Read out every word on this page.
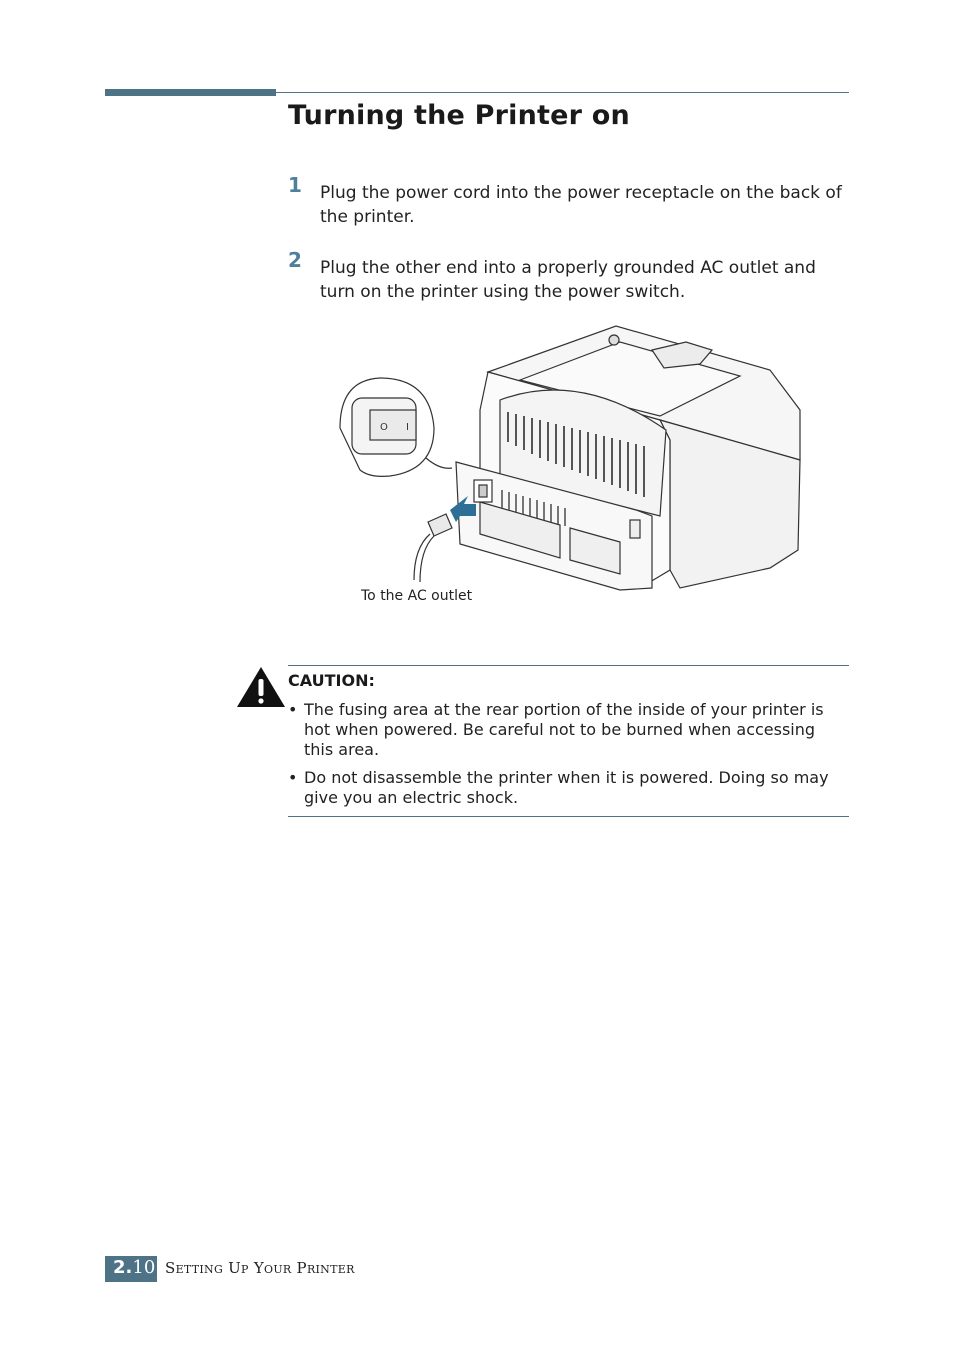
Turning the Printer on
1 Plug the power cord into the power receptacle on the back of the printer.
2 Plug the other end into a properly grounded AC outlet and turn on the printer using the power switch.
O I
To the AC outlet
CAUTION:
• The fusing area at the rear portion of the inside of your printer is hot when powered. Be careful not to be burned when accessing this area.
• Do not disassemble the printer when it is powered. Doing so may give you an electric shock.
2.10 Setting Up Your Printer
